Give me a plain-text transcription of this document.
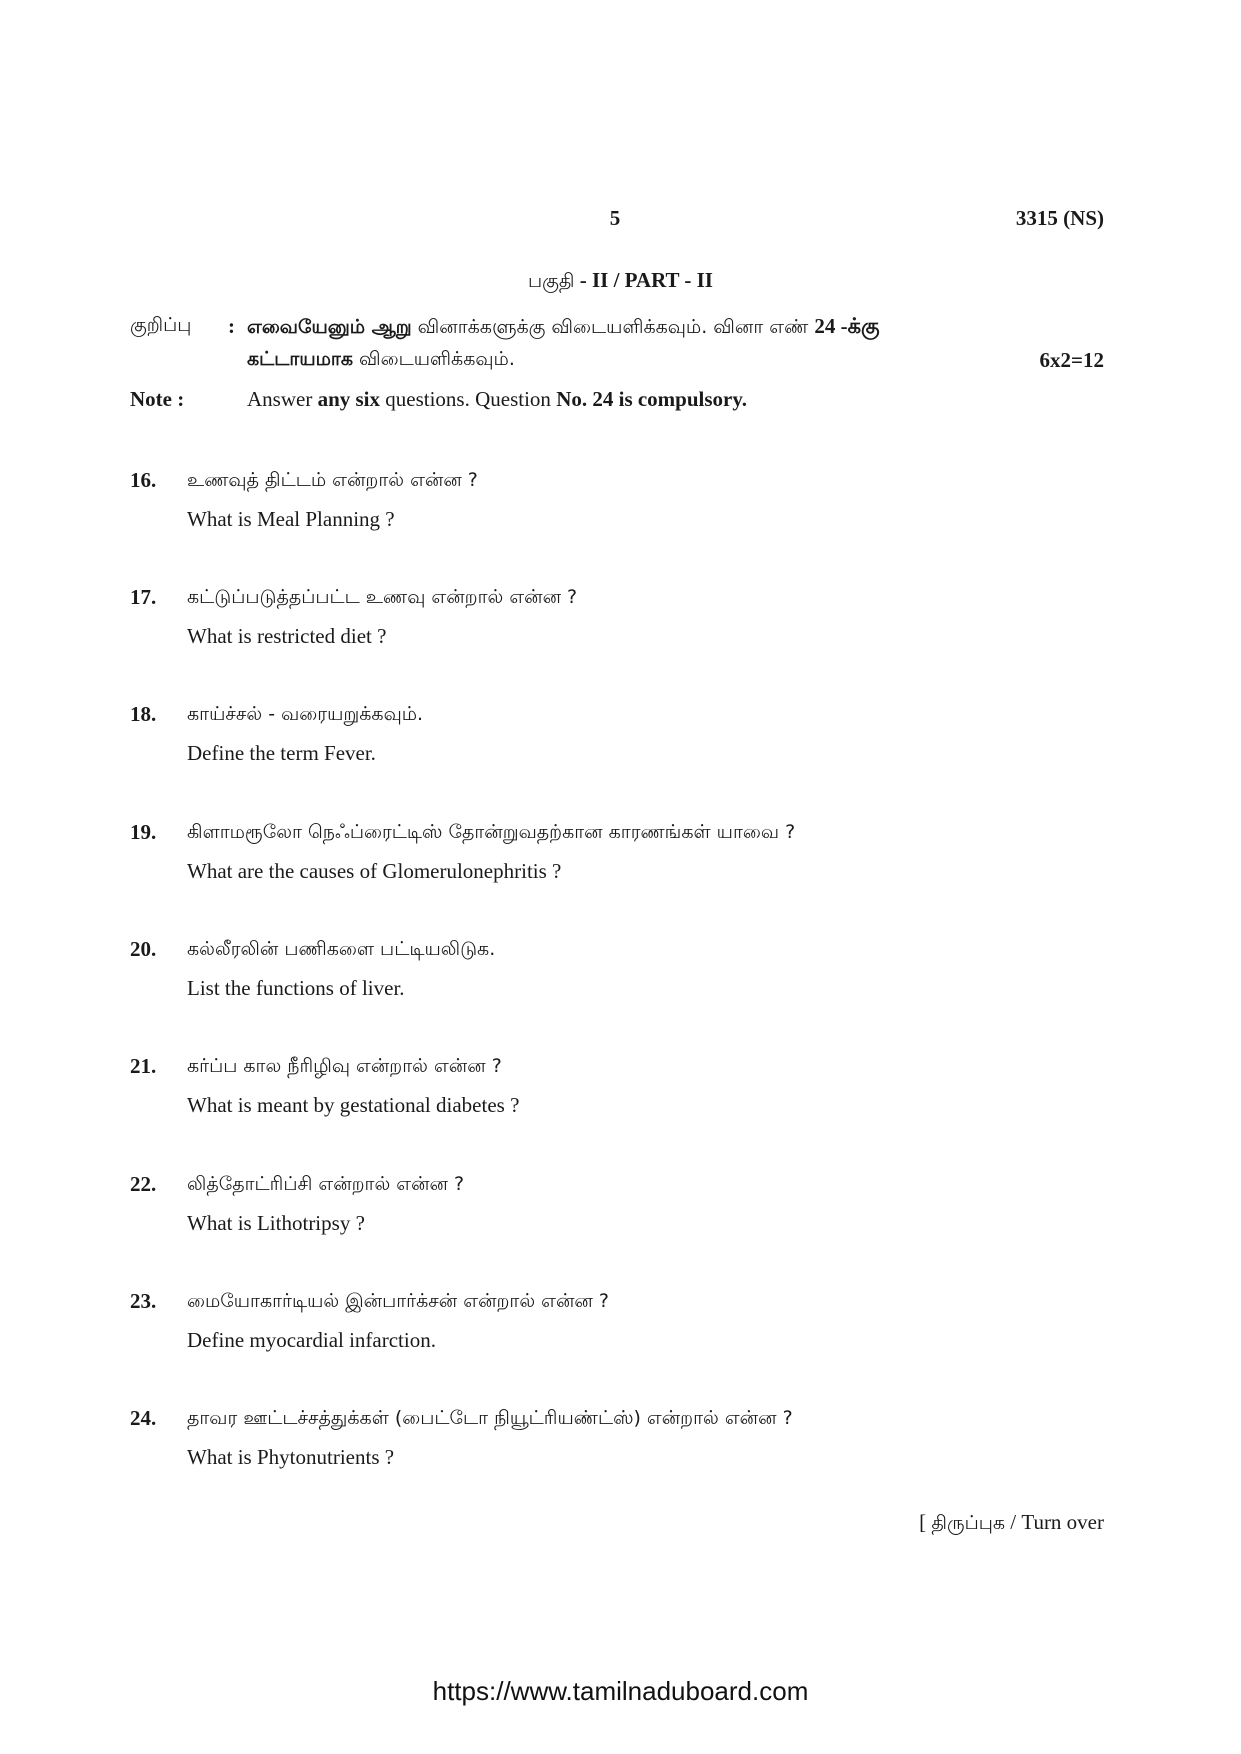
5	3315 (NS)
பகுதி - II / PART - II
குறிப்பு : எவையேனும் ஆறு வினாக்களுக்கு விடையளிக்கவும். வினா எண் 24 -க்கு
கட்டாயமாக விடையளிக்கவும்.	6x2=12
Note :	Answer any six questions. Question No. 24 is compulsory.
16. உணவுத் திட்டம் என்றால் என்ன ?
What is Meal Planning ?
17. கட்டுப்படுத்தப்பட்ட உணவு என்றால் என்ன ?
What is restricted diet ?
18. காய்ச்சல் - வரையறுக்கவும்.
Define the term Fever.
19. கிளாமரூலோ நெஃப்ரைட்டிஸ் தோன்றுவதற்கான காரணங்கள் யாவை ?
What are the causes of Glomerulonephritis ?
20. கல்லீரலின் பணிகளை பட்டியலிடுக.
List the functions of liver.
21. கர்ப்ப கால நீரிழிவு என்றால் என்ன ?
What is meant by gestational diabetes ?
22. லித்தோட்ரிப்சி என்றால் என்ன ?
What is Lithotripsy ?
23. மையோகார்டியல் இன்பார்க்சன் என்றால் என்ன ?
Define myocardial infarction.
24. தாவர ஊட்டச்சத்துக்கள் (பைட்டோ நியூட்ரியண்ட்ஸ்) என்றால் என்ன ?
What is Phytonutrients ?
[ திருப்புக / Turn over
https://www.tamilnaduboard.com
